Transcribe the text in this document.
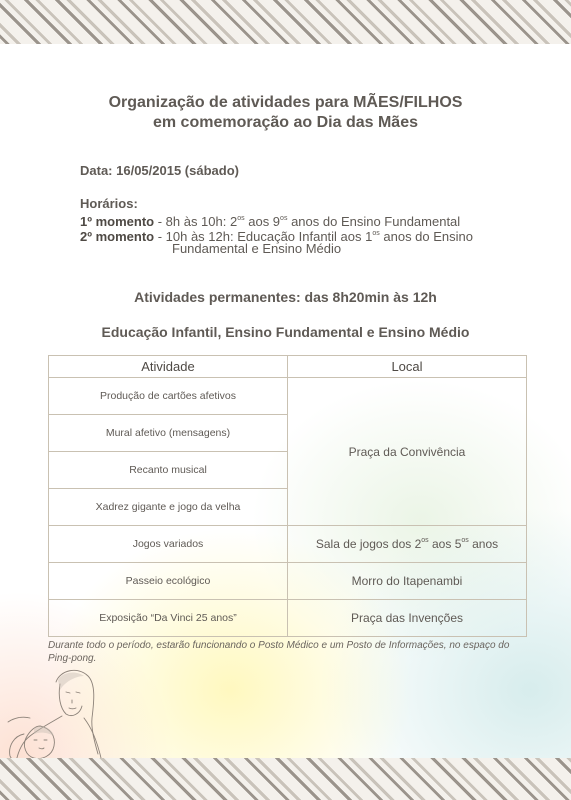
Organização de atividades para MÃES/FILHOS
em comemoração ao Dia das Mães
Data: 16/05/2015 (sábado)
Horários:
1º momento - 8h às 10h: $2^{os}$ aos $9^{os}$ anos do Ensino Fundamental
2º momento - 10h às 12h: Educação Infantil aos $1^{os}$ anos do Ensino
Fundamental e Ensino Médio
Atividades permanentes: das 8h20min às 12h
Educação Infantil, Ensino Fundamental e Ensino Médio
Atividade	Local
Produção de cartões afetivos	Praça da Convivência
Mural afetivo (mensagens)	
Recanto musical	
Xadrez gigante e jogo da velha	
Jogos variados	Sala de jogos dos $2^{os}$ aos $5^{os}$ anos
Passeio ecológico	Morro do Itapenambi
Exposição “Da Vinci 25 anos”	Praça das Invenções
Durante todo o período, estarão funcionando o Posto Médico e um Posto de Informações, no espaço do Ping-pong.
